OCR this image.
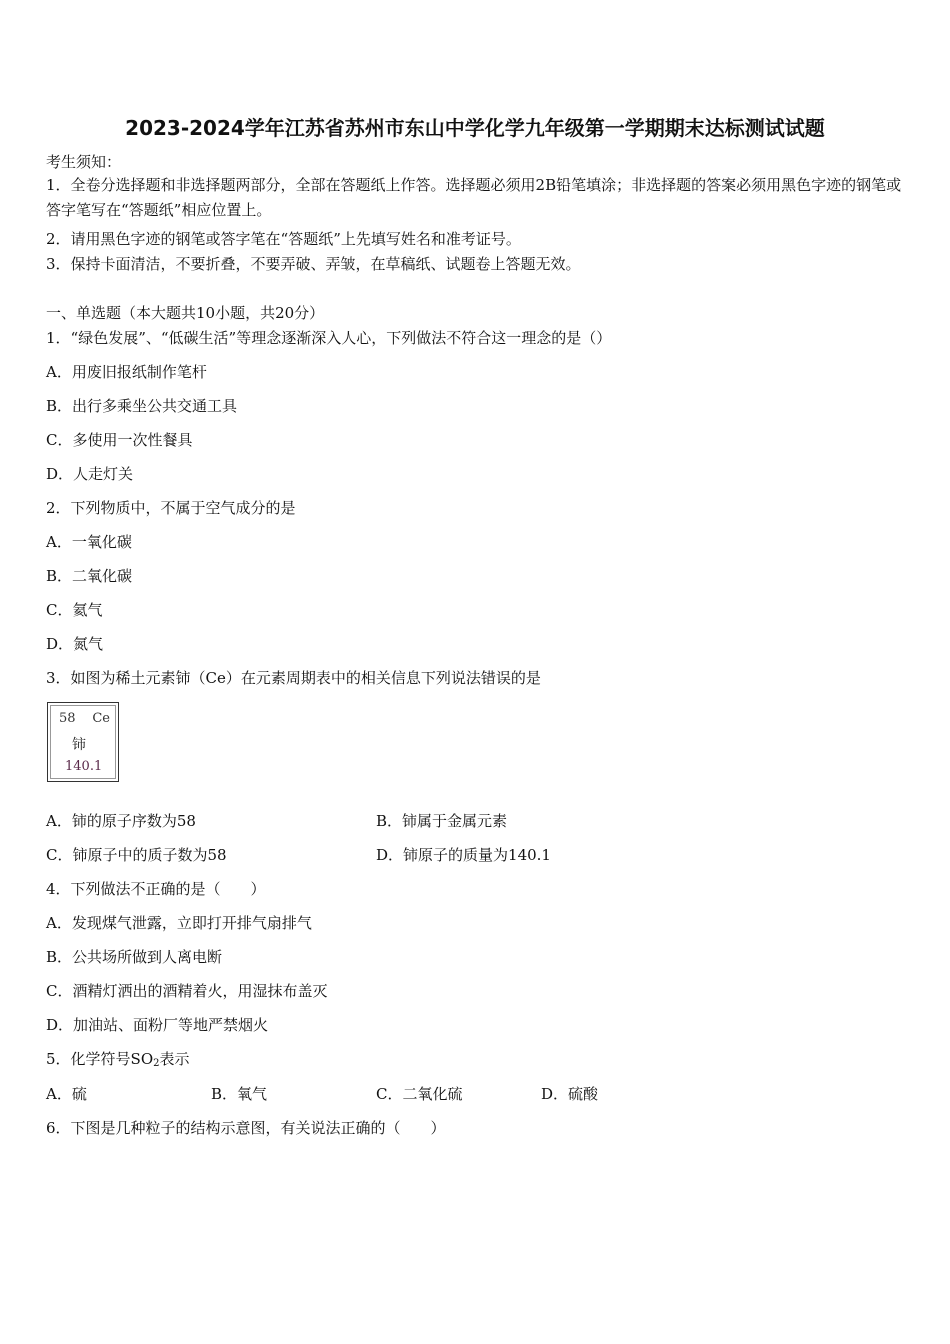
2023-2024学年江苏省苏州市东山中学化学九年级第一学期期末达标测试试题
考生须知：
1．全卷分选择题和非选择题两部分，全部在答题纸上作答。选择题必须用2B铅笔填涂；非选择题的答案必须用黑色字迹的钢笔或答字笔写在“答题纸”相应位置上。
2．请用黑色字迹的钢笔或答字笔在“答题纸”上先填写姓名和准考证号。
3．保持卡面清洁，不要折叠，不要弄破、弄皱，在草稿纸、试题卷上答题无效。
一、单选题（本大题共10小题，共20分）
1．“绿色发展”、“低碳生活”等理念逐渐深入人心，下列做法不符合这一理念的是（）
A．用废旧报纸制作笔杆
B．出行多乘坐公共交通工具
C．多使用一次性餐具
D．人走灯关
2．下列物质中，不属于空气成分的是
A．一氧化碳
B．二氧化碳
C．氦气
D．氮气
3．如图为稀土元素铈（Ce）在元素周期表中的相关信息下列说法错误的是
58 Ce
铈
140.1
A．铈的原子序数为58	B．铈属于金属元素
C．铈原子中的质子数为58	D．铈原子的质量为140.1
4．下列做法不正确的是（　　）
A．发现煤气泄露，立即打开排气扇排气
B．公共场所做到人离电断
C．酒精灯洒出的酒精着火，用湿抹布盖灭
D．加油站、面粉厂等地严禁烟火
5．化学符号$SO_2$表示
A．硫	B．氧气	C．二氧化硫	D．硫酸
6．下图是几种粒子的结构示意图，有关说法正确的（　　）
